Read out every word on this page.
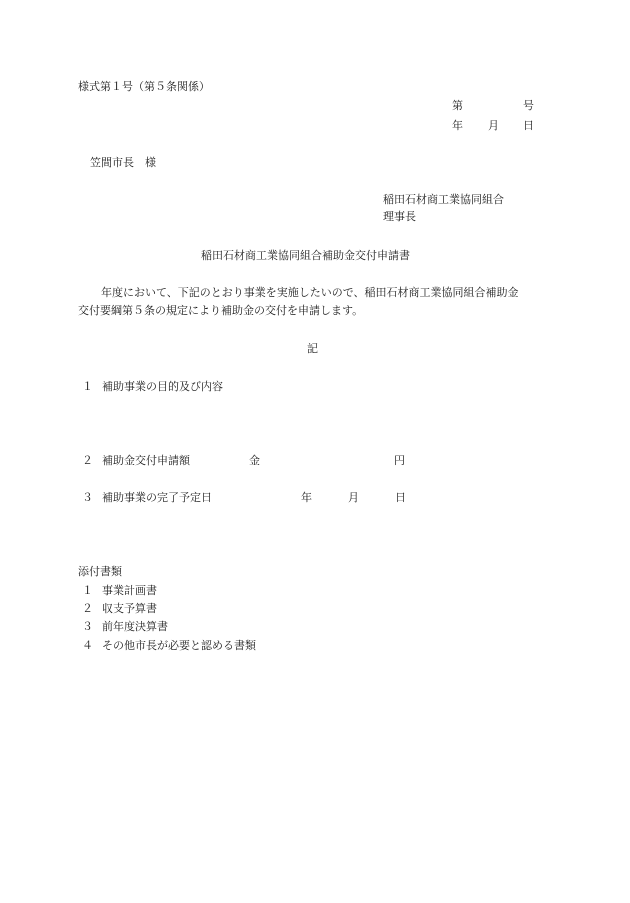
様式第１号（第５条関係）
第	号
年 月 日
笠間市長　様
稲田石材商工業協同組合
理事長
稲田石材商工業協同組合補助金交付申請書
年度において、下記のとおり事業を実施したいので、稲田石材商工業協同組合補助金
交付要綱第５条の規定により補助金の交付を申請します。
記
１ 補助事業の目的及び内容
２ 補助金交付申請額	金	円
３ 補助事業の完了予定日	年	月	日
添付書類
１ 事業計画書
２ 収支予算書
３ 前年度決算書
４ その他市長が必要と認める書類
